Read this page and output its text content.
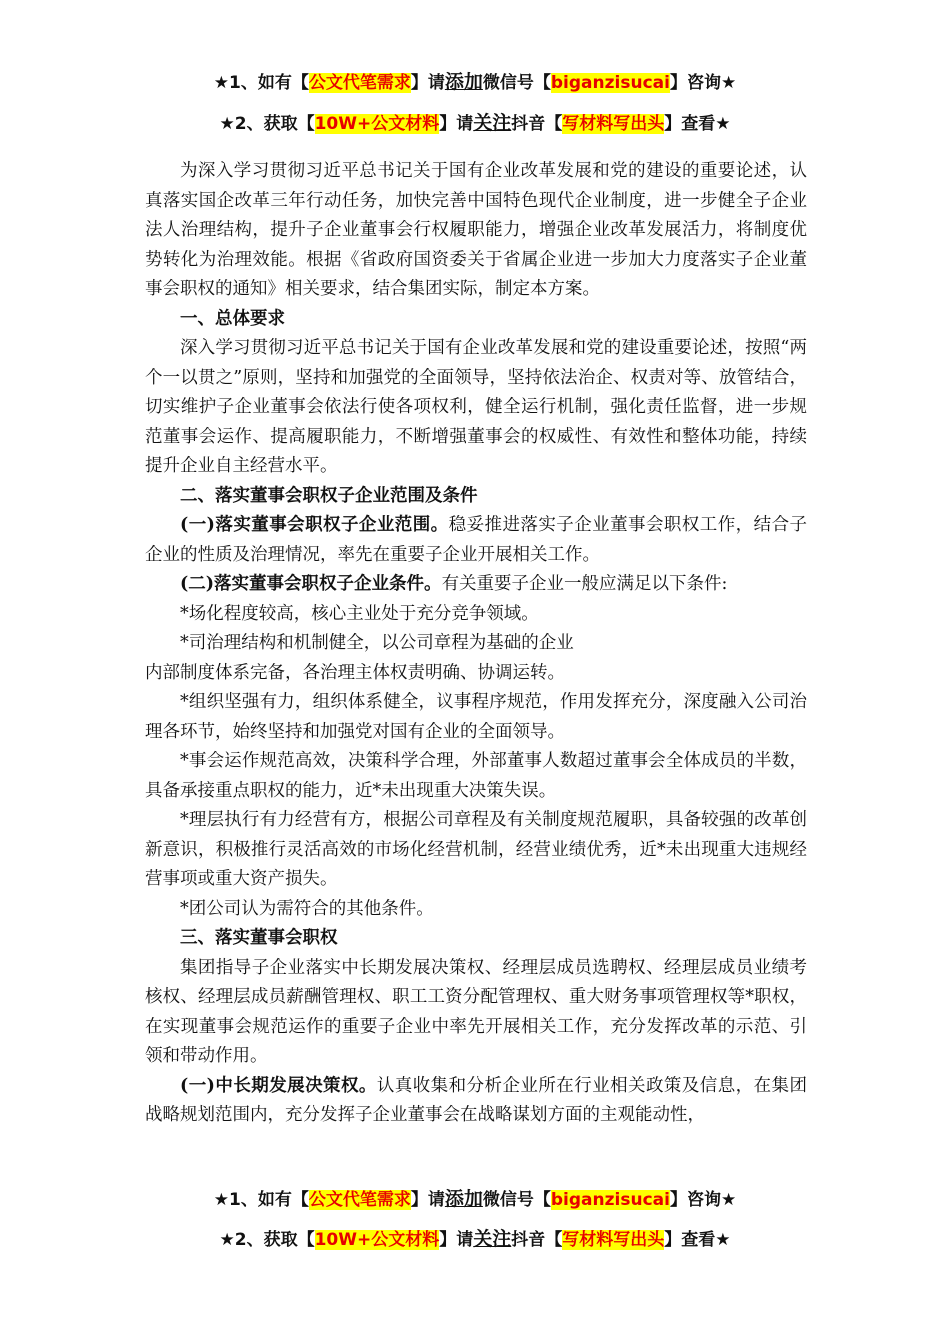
★1、如有【公文代笔需求】请添加微信号【biganzisucai】咨询★
★2、获取【10W+公文材料】请关注抖音【写材料写出头】查看★

为深入学习贯彻习近平总书记关于国有企业改革发展和党的建设的重要论述，认真落实国企改革三年行动任务，加快完善中国特色现代企业制度，进一步健全子企业法人治理结构，提升子企业董事会行权履职能力，增强企业改革发展活力，将制度优势转化为治理效能。根据《省政府国资委关于省属企业进一步加大力度落实子企业董事会职权的通知》相关要求，结合集团实际，制定本方案。

一、总体要求

深入学习贯彻习近平总书记关于国有企业改革发展和党的建设重要论述，按照“两个一以贯之”原则，坚持和加强党的全面领导，坚持依法治企、权责对等、放管结合，切实维护子企业董事会依法行使各项权利，健全运行机制，强化责任监督，进一步规范董事会运作、提高履职能力，不断增强董事会的权威性、有效性和整体功能，持续提升企业自主经营水平。

二、落实董事会职权子企业范围及条件

(一)落实董事会职权子企业范围。稳妥推进落实子企业董事会职权工作，结合子企业的性质及治理情况，率先在重要子企业开展相关工作。

(二)落实董事会职权子企业条件。有关重要子企业一般应满足以下条件:

*场化程度较高，核心主业处于充分竞争领域。

*司治理结构和机制健全，以公司章程为基础的企业

内部制度体系完备，各治理主体权责明确、协调运转。

*组织坚强有力，组织体系健全，议事程序规范，作用发挥充分，深度融入公司治理各环节，始终坚持和加强党对国有企业的全面领导。

*事会运作规范高效，决策科学合理，外部董事人数超过董事会全体成员的半数，具备承接重点职权的能力，近*未出现重大决策失误。

*理层执行有力经营有方，根据公司章程及有关制度规范履职，具备较强的改革创新意识，积极推行灵活高效的市场化经营机制，经营业绩优秀，近*未出现重大违规经营事项或重大资产损失。

*团公司认为需符合的其他条件。

三、落实董事会职权

集团指导子企业落实中长期发展决策权、经理层成员选聘权、经理层成员业绩考核权、经理层成员薪酬管理权、职工工资分配管理权、重大财务事项管理权等*职权，在实现董事会规范运作的重要子企业中率先开展相关工作，充分发挥改革的示范、引领和带动作用。

(一)中长期发展决策权。认真收集和分析企业所在行业相关政策及信息，在集团战略规划范围内，充分发挥子企业董事会在战略谋划方面的主观能动性，

★1、如有【公文代笔需求】请添加微信号【biganzisucai】咨询★
★2、获取【10W+公文材料】请关注抖音【写材料写出头】查看★
